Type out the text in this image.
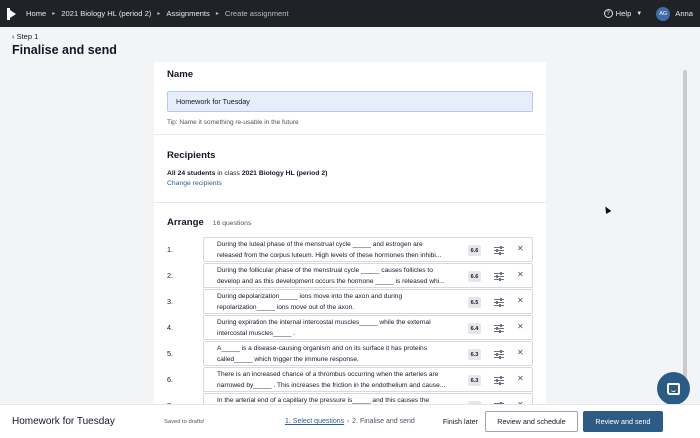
Home ▸ 2021 Biology HL (period 2) ▸ Assignments ▸ Create assignment	? Help ▼	AG	Anna
‹ Step 1
Finalise and send
Name
Homework for Tuesday
Tip: Name it something re-usable in the future
Recipients
All 24 students in class 2021 Biology HL (period 2)
Change recipients
Arrange 16 questions
1.
During the luteal phase of the menstrual cycle _____ and estrogen are
released from the corpus luteum. High levels of these hormones then inhibi...
6.6	✕
2.
During the follicular phase of the menstrual cycle _____ causes follicles to
develop and as this development occurs the hormone _____ is released whi...
6.6	✕
3.
During depolarization_____ ions move into the axon and during
repolarization_____ ions move out of the axon.
6.5	✕
4.
During expiration the internal intercostal muscles_____ while the external
intercostal muscles_____ .
6.4	✕
5.
A_____ is a disease-causing organism and on its surface it has proteins
called_____ which trigger the immune response.
6.3	✕
6.
There is an increased chance of a thrombus occurring when the arteries are
narrowed by_____ . This increases the friction in the endothelium and cause...
6.3	✕
In the arterial end of a capillary the pressure is_____ and this causes the
Homework for Tuesday	Saved to drafts!	1. Select questions › 2. Finalise and send	Finish later	Review and schedule	Review and send
